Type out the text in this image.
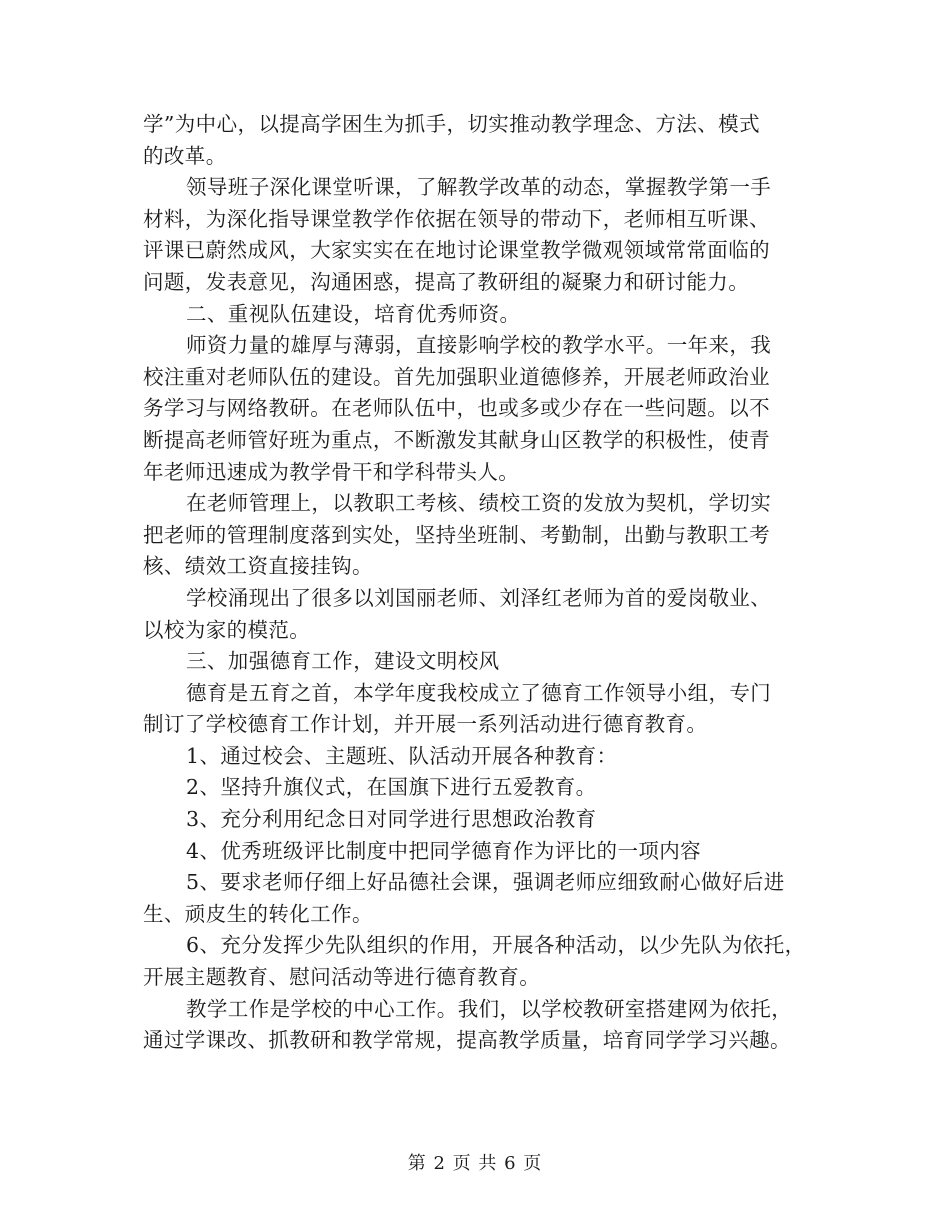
学”为中心，以提高学困生为抓手，切实推动教学理念、方法、模式
的改革。
领导班子深化课堂听课，了解教学改革的动态，掌握教学第一手
材料，为深化指导课堂教学作依据在领导的带动下，老师相互听课、
评课已蔚然成风，大家实实在在地讨论课堂教学微观领域常常面临的
问题，发表意见，沟通困惑，提高了教研组的凝聚力和研讨能力。
二、重视队伍建设，培育优秀师资。
师资力量的雄厚与薄弱，直接影响学校的教学水平。一年来，我
校注重对老师队伍的建设。首先加强职业道德修养，开展老师政治业
务学习与网络教研。在老师队伍中，也或多或少存在一些问题。以不
断提高老师管好班为重点，不断激发其献身山区教学的积极性，使青
年老师迅速成为教学骨干和学科带头人。
在老师管理上，以教职工考核、绩校工资的发放为契机，学切实
把老师的管理制度落到实处，坚持坐班制、考勤制，出勤与教职工考
核、绩效工资直接挂钩。
学校涌现出了很多以刘国丽老师、刘泽红老师为首的爱岗敬业、
以校为家的模范。
三、加强德育工作，建设文明校风
德育是五育之首，本学年度我校成立了德育工作领导小组，专门
制订了学校德育工作计划，并开展一系列活动进行德育教育。
1、通过校会、主题班、队活动开展各种教育：
2、坚持升旗仪式，在国旗下进行五爱教育。
3、充分利用纪念日对同学进行思想政治教育
4、优秀班级评比制度中把同学德育作为评比的一项内容
5、要求老师仔细上好品德社会课，强调老师应细致耐心做好后进
生、顽皮生的转化工作。
6、充分发挥少先队组织的作用，开展各种活动，以少先队为依托，
开展主题教育、慰问活动等进行德育教育。
教学工作是学校的中心工作。我们，以学校教研室搭建网为依托，
通过学课改、抓教研和教学常规，提高教学质量，培育同学学习兴趣。

第 2 页 共 6 页
